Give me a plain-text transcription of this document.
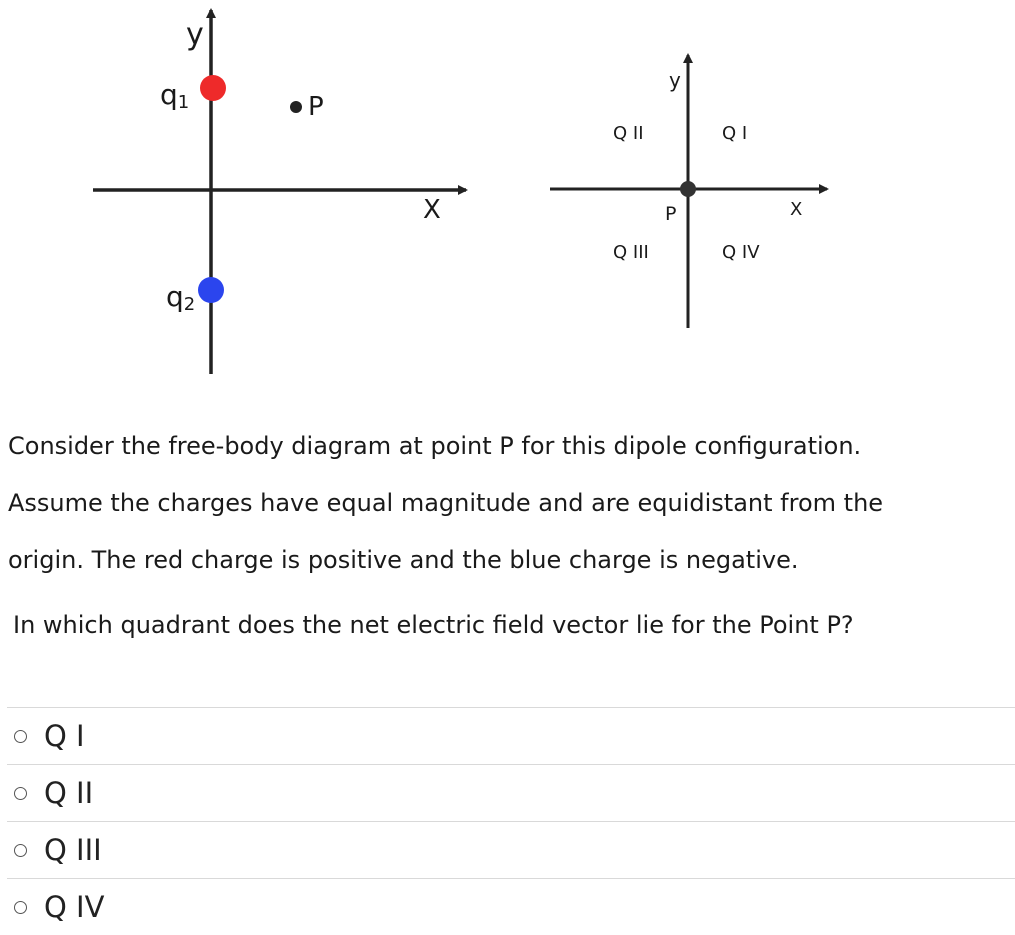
y
X
q1
q2
P
y
X
P
Q II	Q I
Q III	Q IV
Consider the free-body diagram at point P for this dipole configuration.
Assume the charges have equal magnitude and are equidistant from the
origin. The red charge is positive and the blue charge is negative.

In which quadrant does the net electric field vector lie for the Point P?

Q I
Q II
Q III
Q IV
